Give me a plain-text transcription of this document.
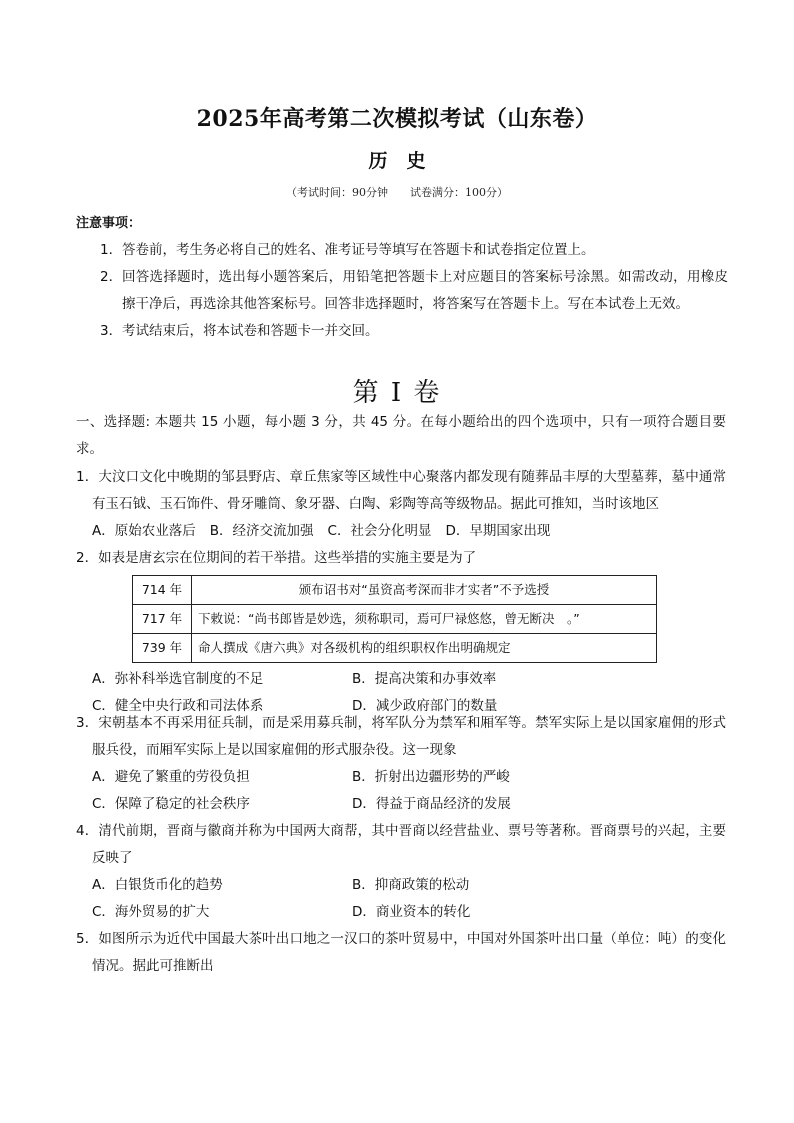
2025年高考第二次模拟考试（山东卷）
历　史
（考试时间：90分钟　　试卷满分：100分）
注意事项：
1． 答卷前，考生务必将自己的姓名、准考证号等填写在答题卡和试卷指定位置上。
2． 回答选择题时，选出每小题答案后，用铅笔把答题卡上对应题目的答案标号涂黑。如需改动，用橡皮擦干净后，再选涂其他答案标号。回答非选择题时，将答案写在答题卡上。写在本试卷上无效。
3． 考试结束后，将本试卷和答题卡一并交回。
第 I 卷
一、选择题: 本题共 15 小题，每小题 3 分，共 45 分。在每小题给出的四个选项中，只有一项符合题目要求。
1．大汶口文化中晚期的邹县野店、章丘焦家等区域性中心聚落内都发现有随葬品丰厚的大型墓葬，墓中通常有玉石钺、玉石饰件、骨牙雕筒、象牙器、白陶、彩陶等高等级物品。据此可推知，当时该地区
A．原始农业落后 B．经济交流加强 C．社会分化明显 D．早期国家出现
2．如表是唐玄宗在位期间的若干举措。这些举措的实施主要是为了
714 年	颁布诏书对“虽资高考深而非才实者”不予选授
717 年	下敕说：“尚书郎皆是妙选，须称职司，焉可尸禄悠悠，曾无断决　。”
739 年	命人撰成《唐六典》对各级机构的组织职权作出明确规定
A．弥补科举选官制度的不足	B．提高决策和办事效率
C．健全中央行政和司法体系	D．减少政府部门的数量
3．宋朝基本不再采用征兵制，而是采用募兵制，将军队分为禁军和厢军等。禁军实际上是以国家雇佣的形式服兵役，而厢军实际上是以国家雇佣的形式服杂役。这一现象
A．避免了繁重的劳役负担	B．折射出边疆形势的严峻
C．保障了稳定的社会秩序	D．得益于商品经济的发展
4．清代前期，晋商与徽商并称为中国两大商帮，其中晋商以经营盐业、票号等著称。晋商票号的兴起，主要反映了
A．白银货币化的趋势	B．抑商政策的松动
C．海外贸易的扩大	D．商业资本的转化
5．如图所示为近代中国最大茶叶出口地之一汉口的茶叶贸易中，中国对外国茶叶出口量（单位：吨）的变化情况。据此可推断出
